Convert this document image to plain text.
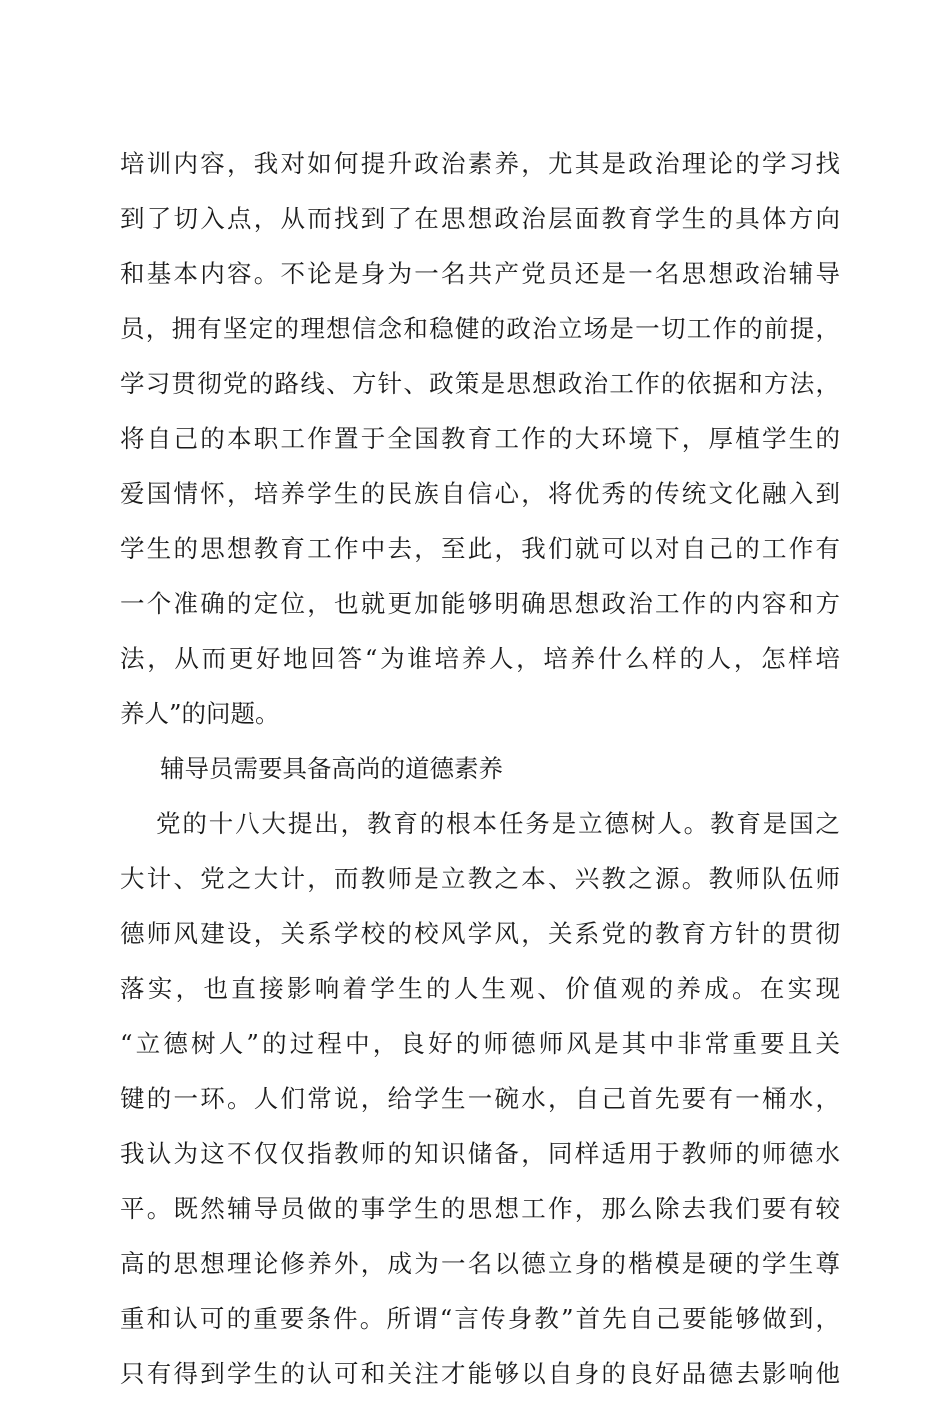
培训内容，我对如何提升政治素养，尤其是政治理论的学习找
到了切入点，从而找到了在思想政治层面教育学生的具体方向
和基本内容。不论是身为一名共产党员还是一名思想政治辅导
员，拥有坚定的理想信念和稳健的政治立场是一切工作的前提，
学习贯彻党的路线、方针、政策是思想政治工作的依据和方法，
将自己的本职工作置于全国教育工作的大环境下，厚植学生的
爱国情怀，培养学生的民族自信心，将优秀的传统文化融入到
学生的思想教育工作中去，至此，我们就可以对自己的工作有
一个准确的定位，也就更加能够明确思想政治工作的内容和方
法，从而更好地回答“为谁培养人，培养什么样的人，怎样培
养人”的问题。
辅导员需要具备高尚的道德素养
党的十八大提出，教育的根本任务是立德树人。教育是国之
大计、党之大计，而教师是立教之本、兴教之源。教师队伍师
德师风建设，关系学校的校风学风，关系党的教育方针的贯彻
落实，也直接影响着学生的人生观、价值观的养成。在实现
“立德树人”的过程中，良好的师德师风是其中非常重要且关
键的一环。人们常说，给学生一碗水，自己首先要有一桶水，
我认为这不仅仅指教师的知识储备，同样适用于教师的师德水
平。既然辅导员做的事学生的思想工作，那么除去我们要有较
高的思想理论修养外，成为一名以德立身的楷模是硬的学生尊
重和认可的重要条件。所谓“言传身教”首先自己要能够做到，
只有得到学生的认可和关注才能够以自身的良好品德去影响他
